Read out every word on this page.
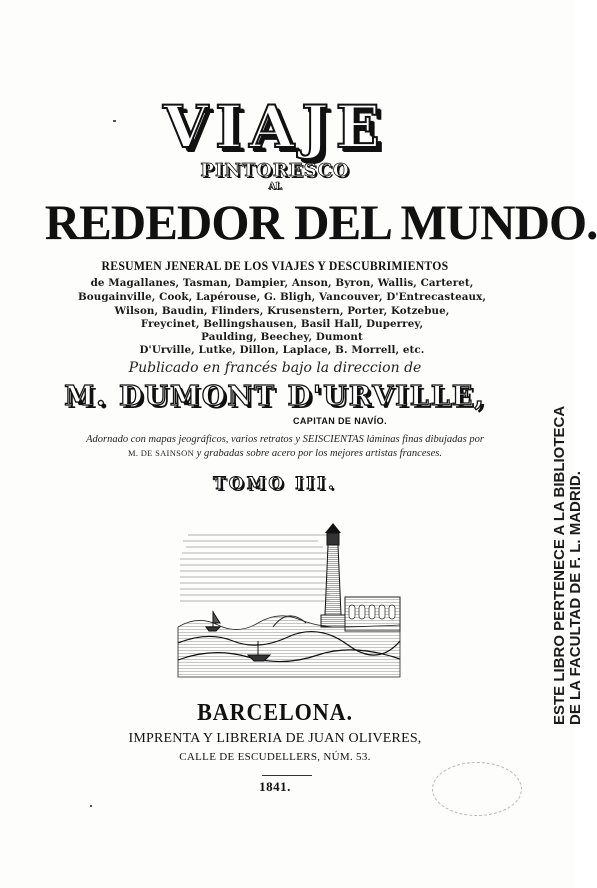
VIAJE
PINTORESCO
AL
REDEDOR DEL MUNDO.
RESUMEN JENERAL DE LOS VIAJES Y DESCUBRIMIENTOS
de Magallanes, Tasman, Dampier, Anson, Byron, Wallis, Carteret,
Bougainville, Cook, Lapérouse, G. Bligh, Vancouver, D'Entrecasteaux,
Wilson, Baudin, Flinders, Krusenstern, Porter, Kotzebue,
Freycinet, Bellingshausen, Basil Hall, Duperrey,
Paulding, Beechey, Dumont
D'Urville, Lutke, Dillon, Laplace, B. Morrell, etc.
Publicado en francés bajo la direccion de
M. DUMONT D'URVILLE,
CAPITAN DE NAVÍO.
Adornado con mapas jeográficos, varios retratos y SEISCIENTAS láminas finas dibujadas por
M. DE SAINSON y grabadas sobre acero por los mejores artistas franceses.
TOMO III.
BARCELONA.
IMPRENTA Y LIBRERIA DE JUAN OLIVERES,
CALLE DE ESCUDELLERS, NÚM. 53.
1841.
ESTE LIBRO PERTENECE A LA BIBLIOTECA DE LA FACULTAD DE F. L. MADRID.
